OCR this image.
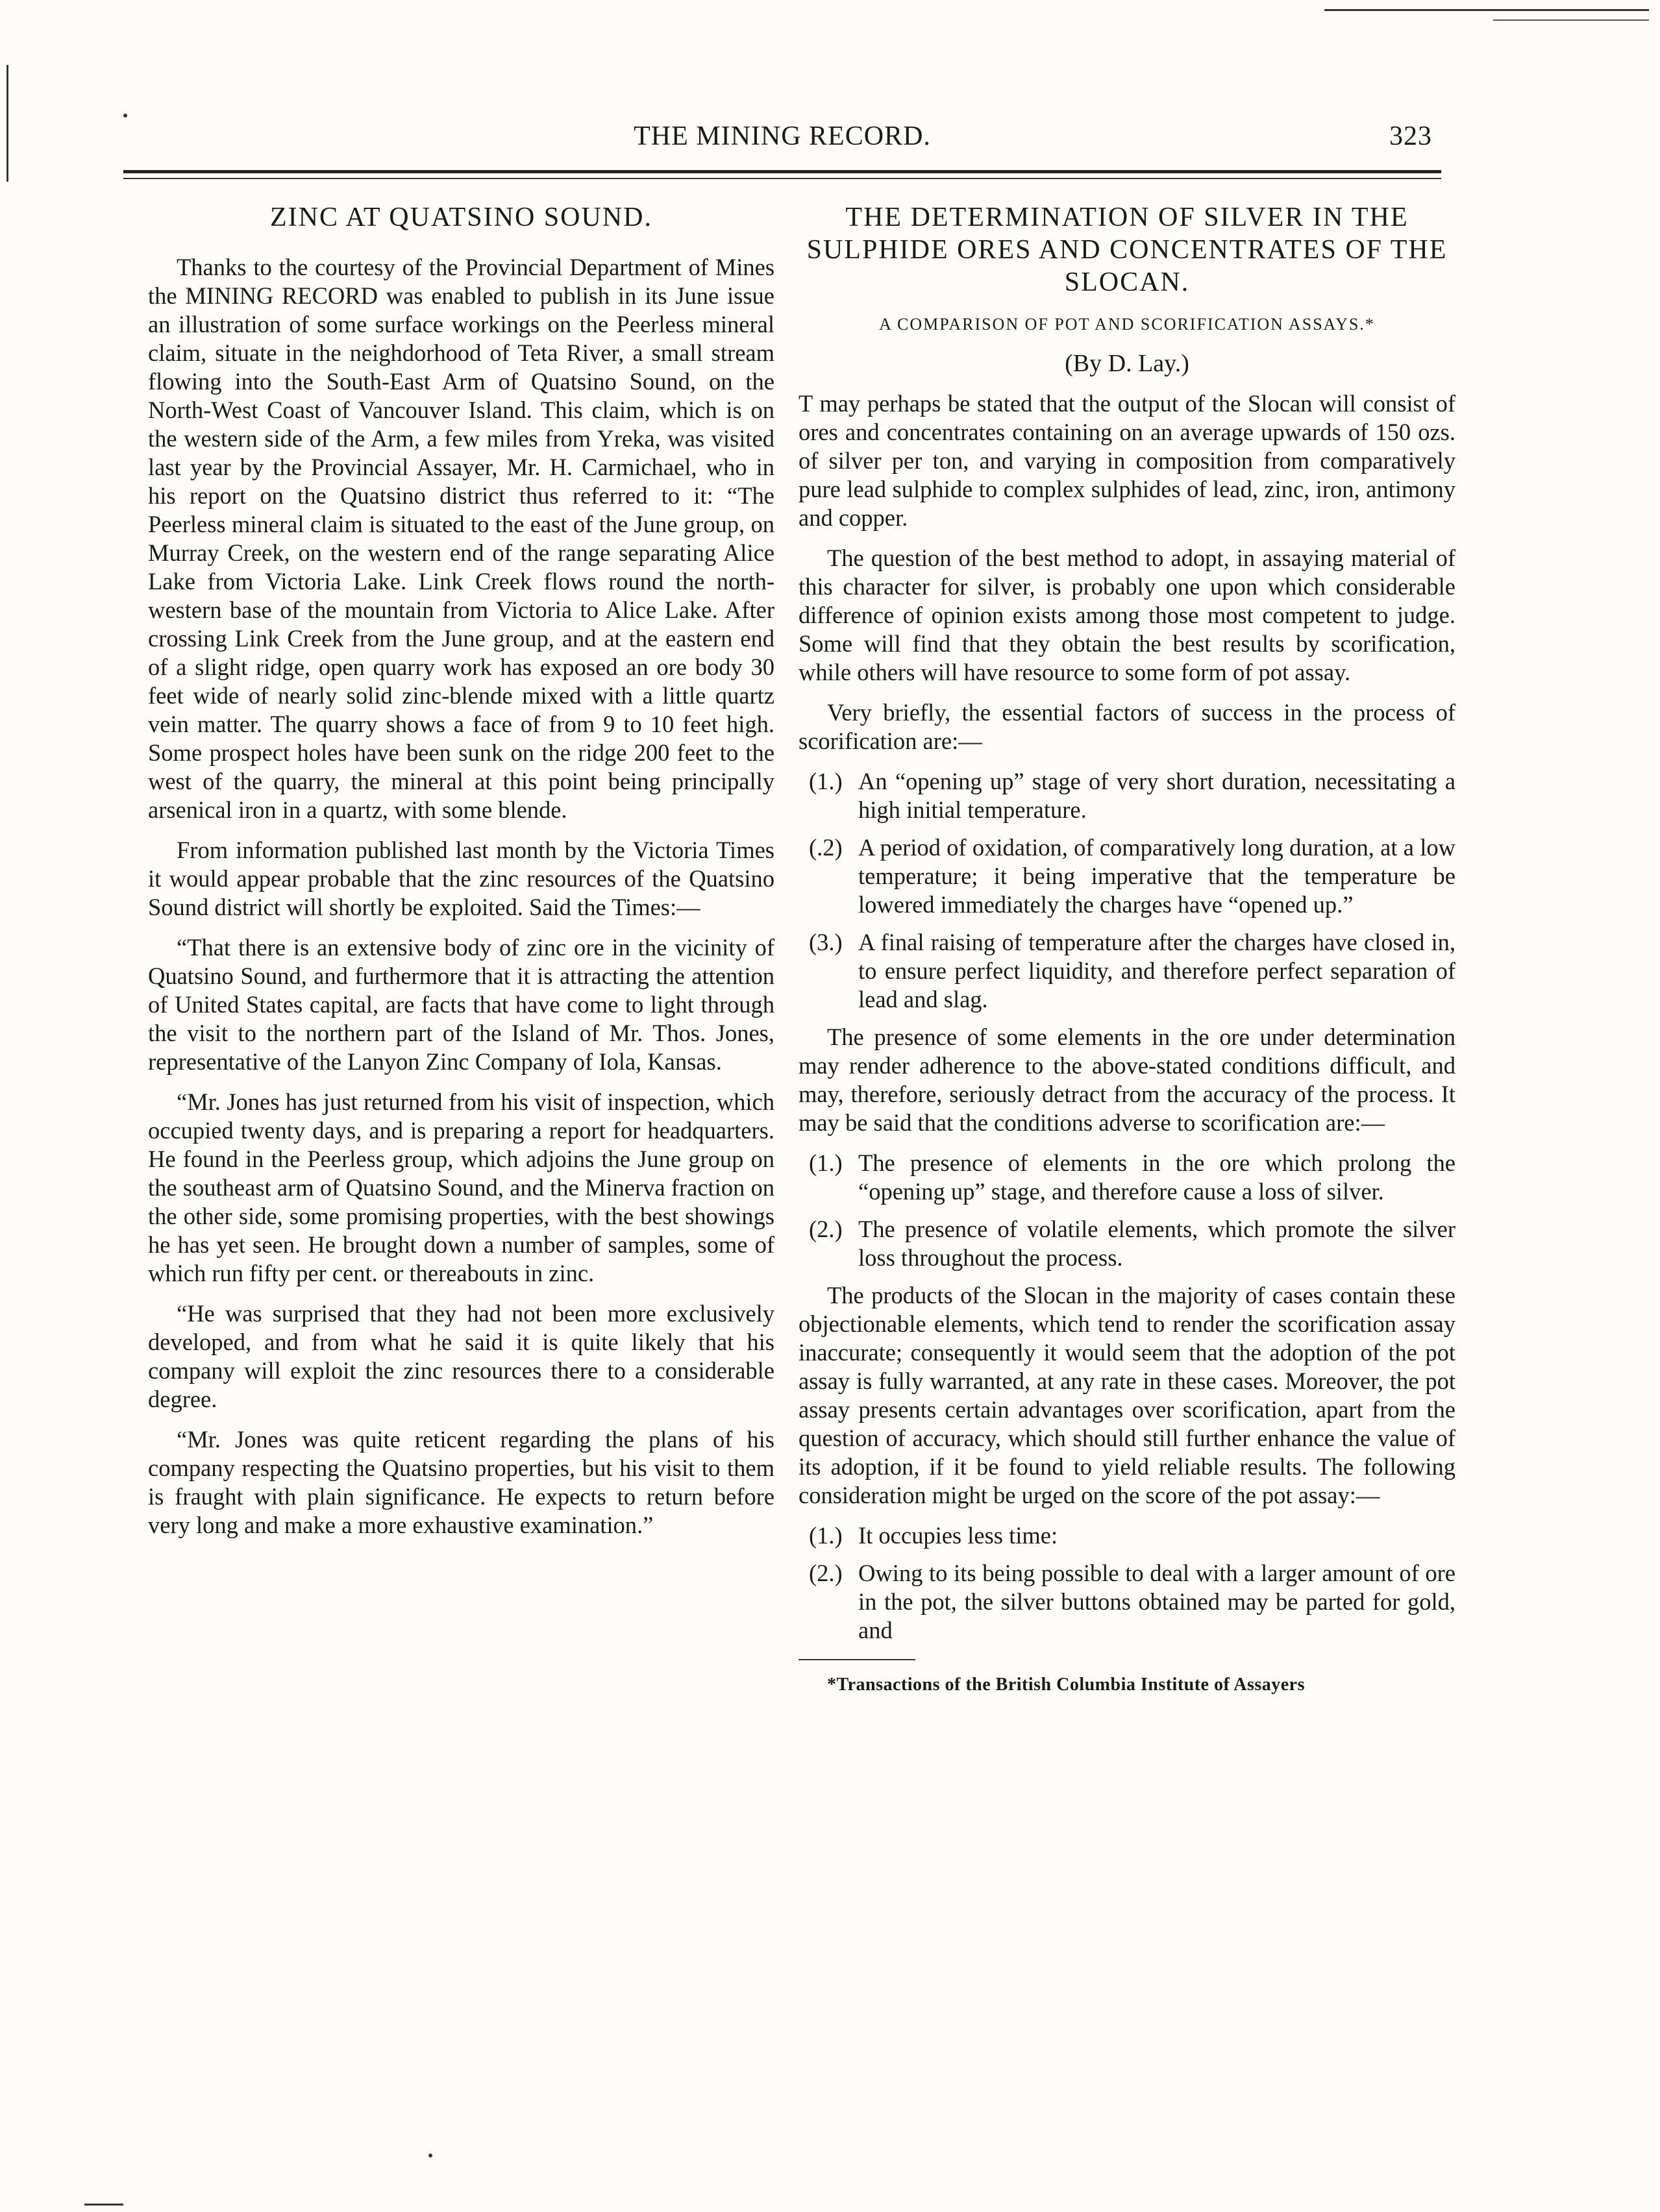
THE MINING RECORD.	323
ZINC AT QUATSINO SOUND.

Thanks to the courtesy of the Provincial Department of Mines the MINING RECORD was enabled to publish in its June issue an illustration of some surface workings on the Peerless mineral claim, situate in the neighdorhood of Teta River, a small stream flowing into the South-East Arm of Quatsino Sound, on the North-West Coast of Vancouver Island. This claim, which is on the western side of the Arm, a few miles from Yreka, was visited last year by the Provincial Assayer, Mr. H. Carmichael, who in his report on the Quatsino district thus referred to it: “The Peerless mineral claim is situated to the east of the June group, on Murray Creek, on the western end of the range separating Alice Lake from Victoria Lake. Link Creek flows round the north-western base of the mountain from Victoria to Alice Lake. After crossing Link Creek from the June group, and at the eastern end of a slight ridge, open quarry work has exposed an ore body 30 feet wide of nearly solid zinc-blende mixed with a little quartz vein matter. The quarry shows a face of from 9 to 10 feet high. Some prospect holes have been sunk on the ridge 200 feet to the west of the quarry, the mineral at this point being principally arsenical iron in a quartz, with some blende.

From information published last month by the Victoria Times it would appear probable that the zinc resources of the Quatsino Sound district will shortly be exploited. Said the Times:—

“That there is an extensive body of zinc ore in the vicinity of Quatsino Sound, and furthermore that it is attracting the attention of United States capital, are facts that have come to light through the visit to the northern part of the Island of Mr. Thos. Jones, representative of the Lanyon Zinc Company of Iola, Kansas.

“Mr. Jones has just returned from his visit of inspection, which occupied twenty days, and is preparing a report for headquarters. He found in the Peerless group, which adjoins the June group on the southeast arm of Quatsino Sound, and the Minerva fraction on the other side, some promising properties, with the best showings he has yet seen. He brought down a number of samples, some of which run fifty per cent. or thereabouts in zinc.

“He was surprised that they had not been more exclusively developed, and from what he said it is quite likely that his company will exploit the zinc resources there to a considerable degree.

“Mr. Jones was quite reticent regarding the plans of his company respecting the Quatsino properties, but his visit to them is fraught with plain significance. He expects to return before very long and make a more exhaustive examination.”

THE DETERMINATION OF SILVER IN THE SULPHIDE ORES AND CONCENTRATES OF THE SLOCAN.
A COMPARISON OF POT AND SCORIFICATION ASSAYS.*
(By D. Lay.)

T may perhaps be stated that the output of the Slocan will consist of ores and concentrates containing on an average upwards of 150 ozs. of silver per ton, and varying in composition from comparatively pure lead sulphide to complex sulphides of lead, zinc, iron, antimony and copper.

The question of the best method to adopt, in assaying material of this character for silver, is probably one upon which considerable difference of opinion exists among those most competent to judge. Some will find that they obtain the best results by scorification, while others will have resource to some form of pot assay.

Very briefly, the essential factors of success in the process of scorification are:—

(1.) An “opening up” stage of very short duration, necessitating a high initial temperature.
(.2) A period of oxidation, of comparatively long duration, at a low temperature; it being imperative that the temperature be lowered immediately the charges have “opened up.”
(3.) A final raising of temperature after the charges have closed in, to ensure perfect liquidity, and therefore perfect separation of lead and slag.

The presence of some elements in the ore under determination may render adherence to the above-stated conditions difficult, and may, therefore, seriously detract from the accuracy of the process. It may be said that the conditions adverse to scorification are:—

(1.) The presence of elements in the ore which prolong the “opening up” stage, and therefore cause a loss of silver.
(2.) The presence of volatile elements, which promote the silver loss throughout the process.

The products of the Slocan in the majority of cases contain these objectionable elements, which tend to render the scorification assay inaccurate; consequently it would seem that the adoption of the pot assay is fully warranted, at any rate in these cases. Moreover, the pot assay presents certain advantages over scorification, apart from the question of accuracy, which should still further enhance the value of its adoption, if it be found to yield reliable results. The following consideration might be urged on the score of the pot assay:—

(1.) It occupies less time:
(2.) Owing to its being possible to deal with a larger amount of ore in the pot, the silver buttons obtained may be parted for gold, and

*Transactions of the British Columbia Institute of Assayers
